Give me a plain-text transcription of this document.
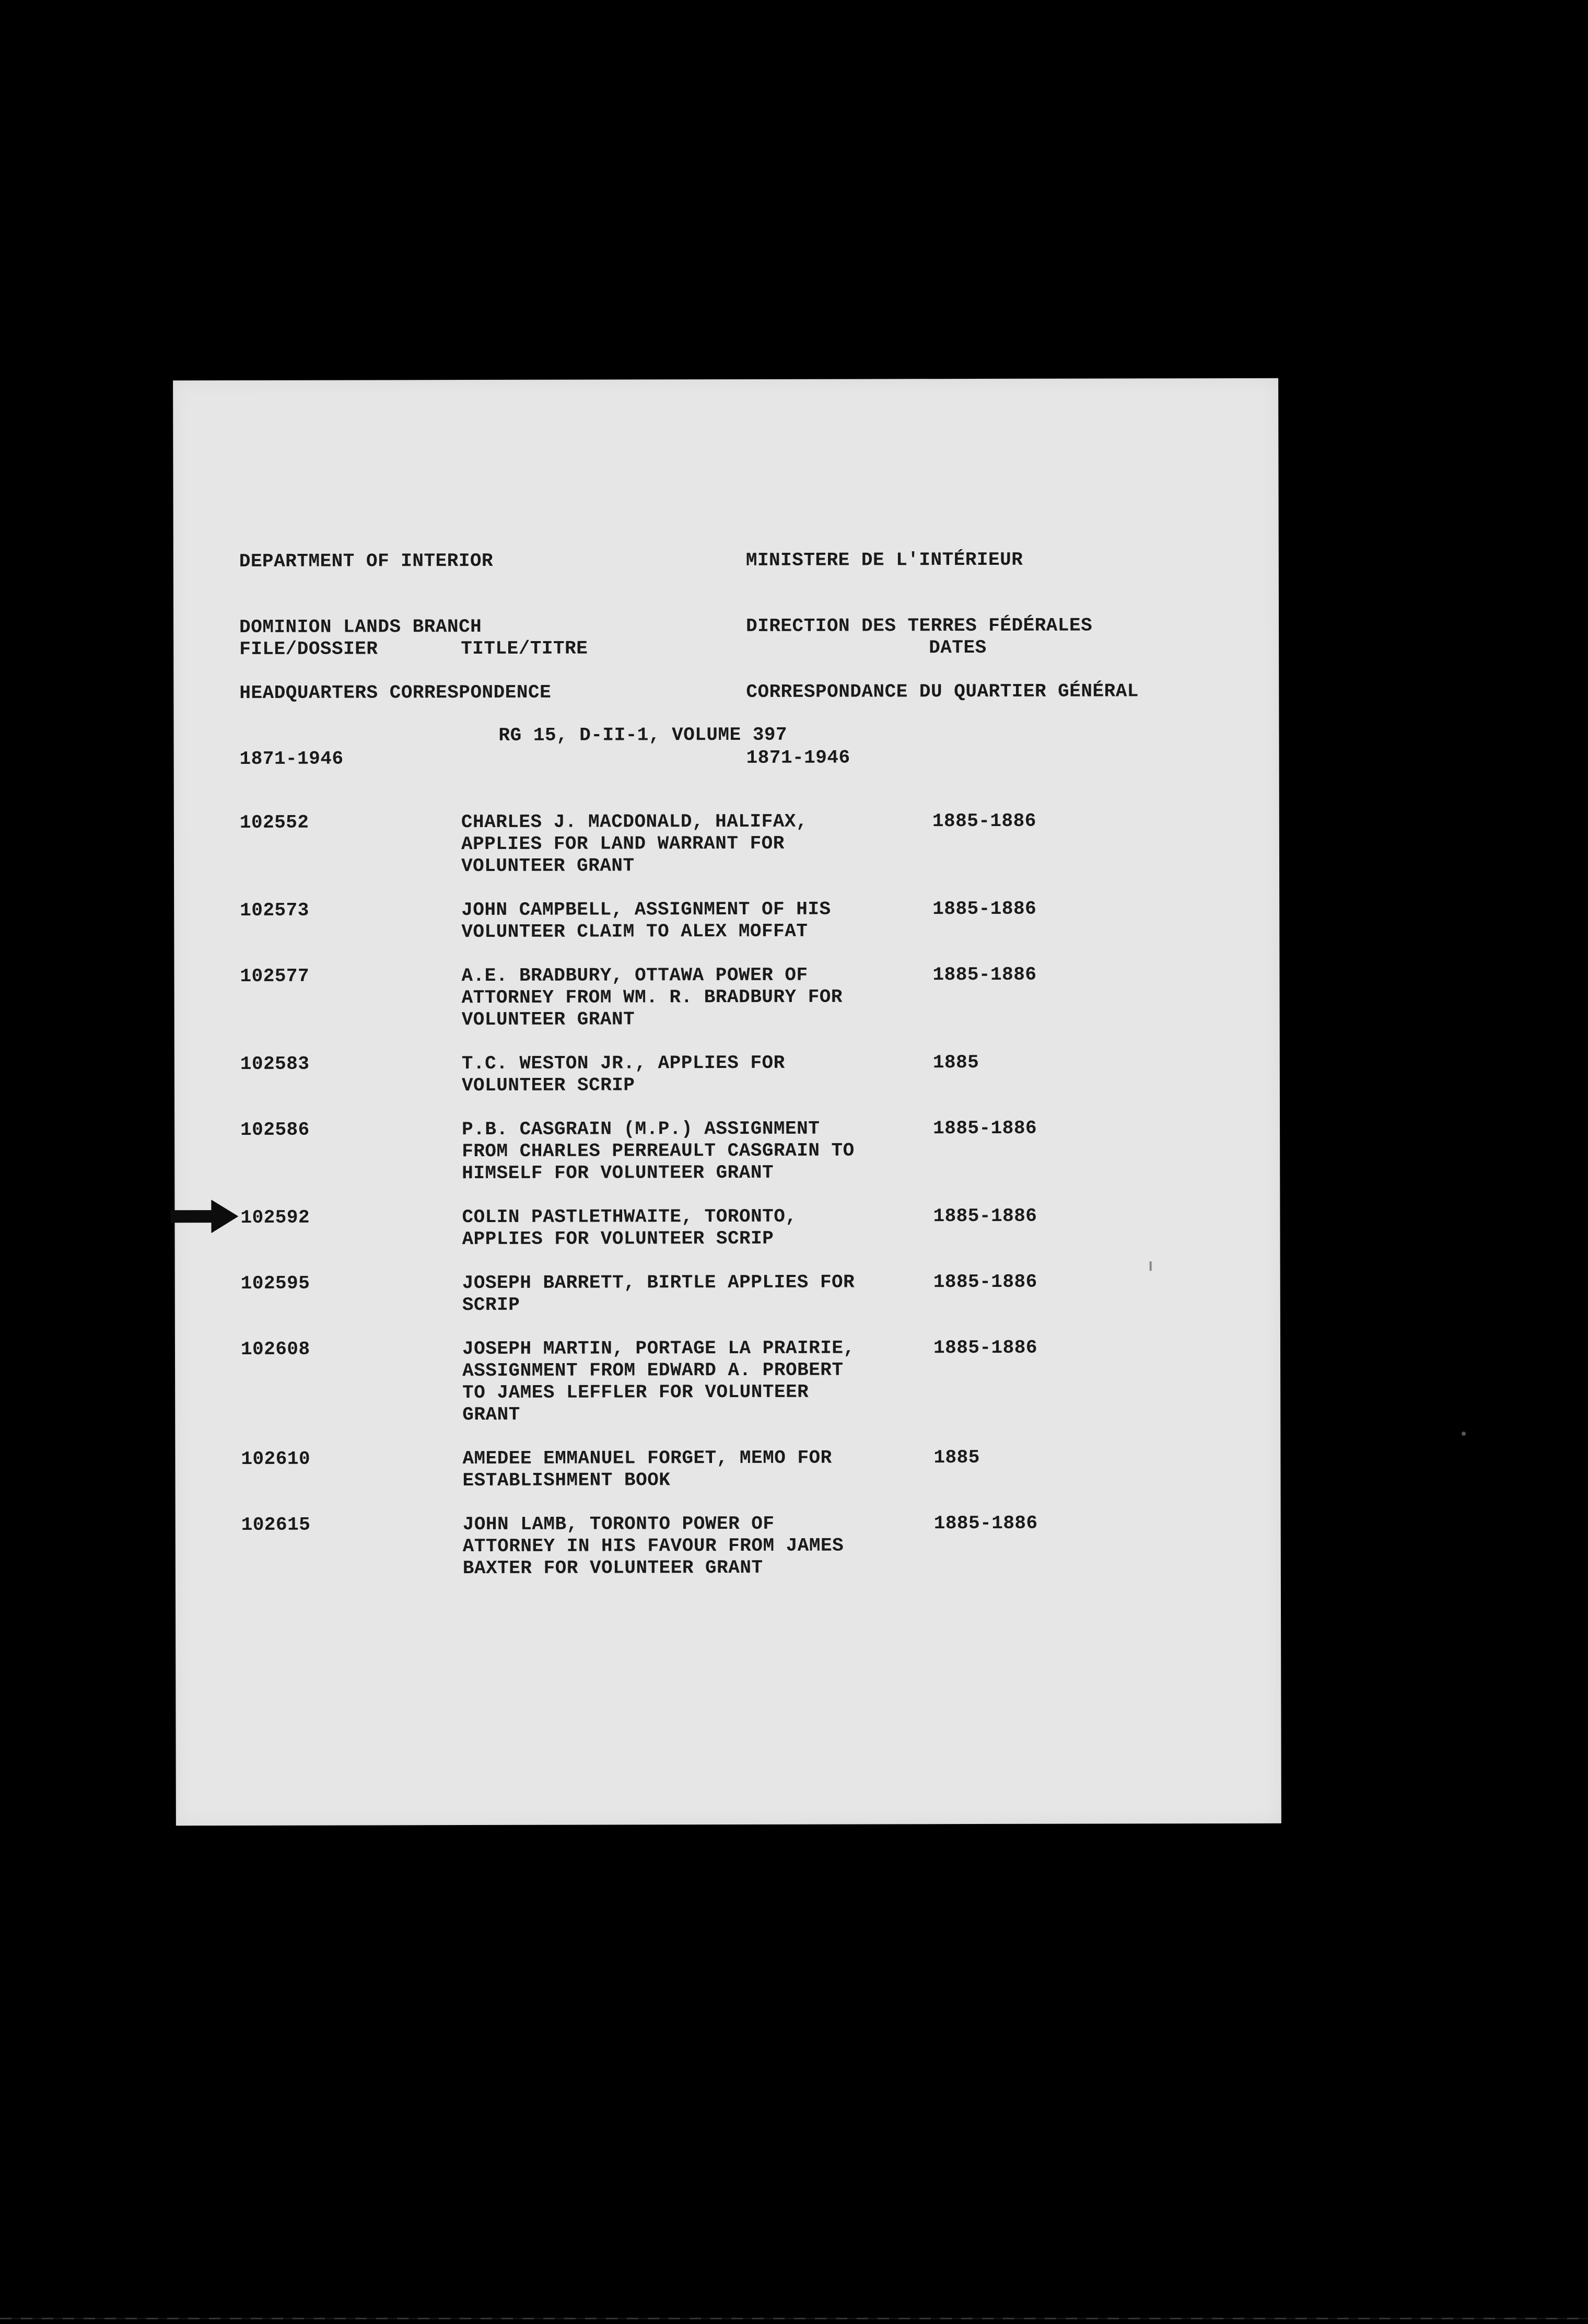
DEPARTMENT OF INTERIOR

DOMINION LANDS BRANCH

HEADQUARTERS CORRESPONDENCE

1871-1946

MINISTERE DE L'INTÉRIEUR

DIRECTION DES TERRES FÉDÉRALES

CORRESPONDANCE DU QUARTIER GÉNÉRAL

1871-1946

FILE/DOSSIER	TITLE/TITRE	DATES
RG 15, D-II-1, VOLUME 397
102552	CHARLES J. MACDONALD, HALIFAX,
APPLIES FOR LAND WARRANT FOR
VOLUNTEER GRANT
1885-1886
102573	JOHN CAMPBELL, ASSIGNMENT OF HIS
VOLUNTEER CLAIM TO ALEX MOFFAT
1885-1886
102577	A.E. BRADBURY, OTTAWA POWER OF
ATTORNEY FROM WM. R. BRADBURY FOR
VOLUNTEER GRANT
1885-1886
102583	T.C. WESTON JR., APPLIES FOR
VOLUNTEER SCRIP
1885
102586	P.B. CASGRAIN (M.P.) ASSIGNMENT
FROM CHARLES PERREAULT CASGRAIN TO
HIMSELF FOR VOLUNTEER GRANT
1885-1886
102592	COLIN PASTLETHWAITE, TORONTO,
APPLIES FOR VOLUNTEER SCRIP
1885-1886
102595	JOSEPH BARRETT, BIRTLE APPLIES FOR
SCRIP
1885-1886
102608	JOSEPH MARTIN, PORTAGE LA PRAIRIE,
ASSIGNMENT FROM EDWARD A. PROBERT
TO JAMES LEFFLER FOR VOLUNTEER
GRANT
1885-1886
102610	AMEDEE EMMANUEL FORGET, MEMO FOR
ESTABLISHMENT BOOK
1885
102615	JOHN LAMB, TORONTO POWER OF
ATTORNEY IN HIS FAVOUR FROM JAMES
BAXTER FOR VOLUNTEER GRANT
1885-1886
